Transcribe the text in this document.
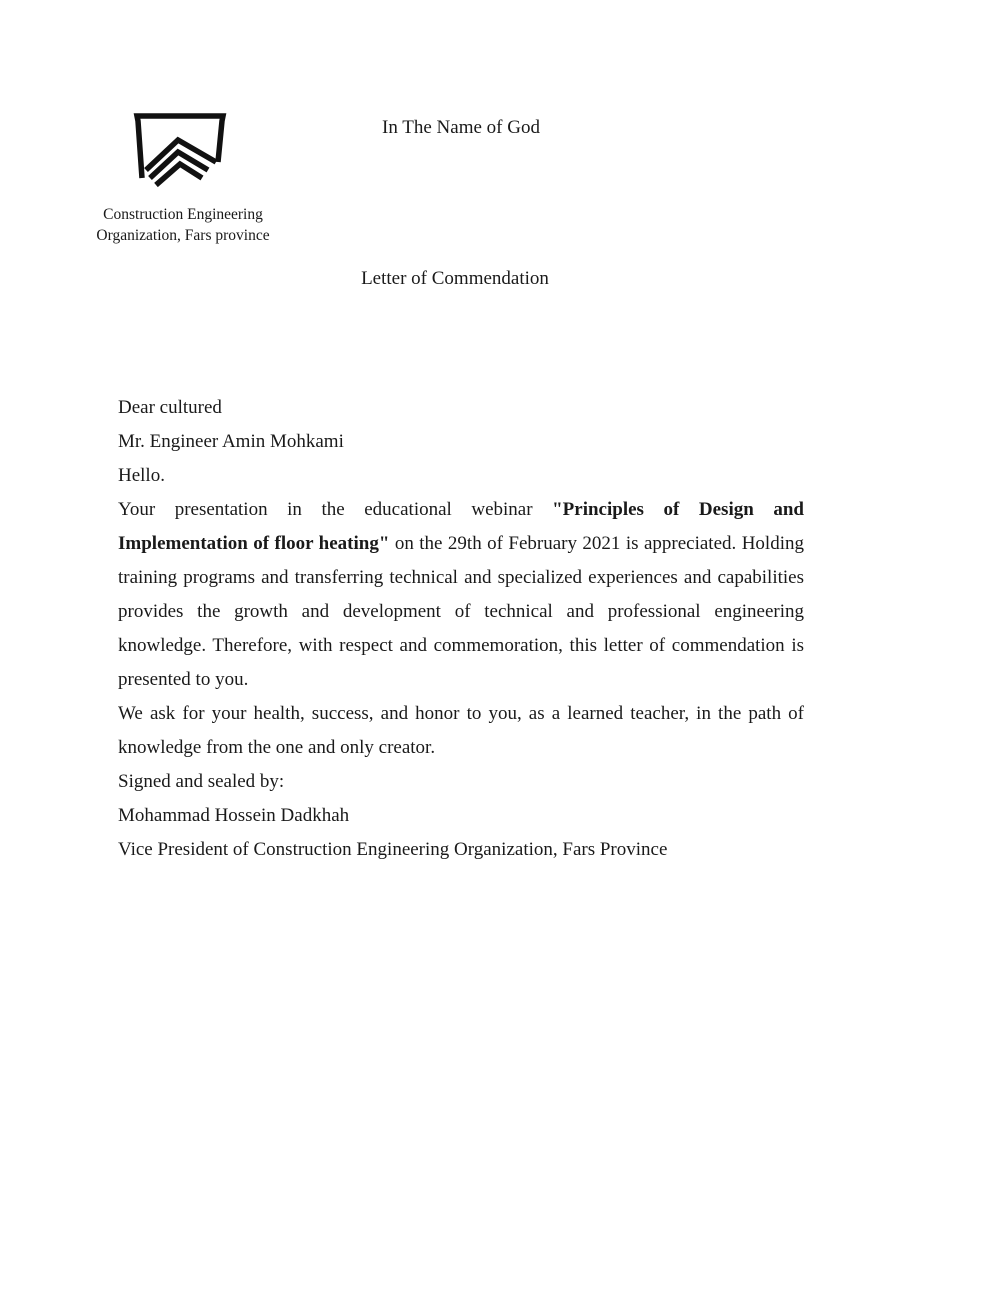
Construction Engineering
Organization, Fars province
In The Name of God
Letter of Commendation

Dear cultured

Mr. Engineer Amin Mohkami

Hello.

Your presentation in the educational webinar "Principles of Design and Implementation of floor heating" on the 29th of February 2021 is appreciated. Holding training programs and transferring technical and specialized experiences and capabilities provides the growth and development of technical and professional engineering knowledge. Therefore, with respect and commemoration, this letter of commendation is presented to you.

We ask for your health, success, and honor to you, as a learned teacher, in the path of knowledge from the one and only creator.

Signed and sealed by:

Mohammad Hossein Dadkhah

Vice President of Construction Engineering Organization, Fars Province
